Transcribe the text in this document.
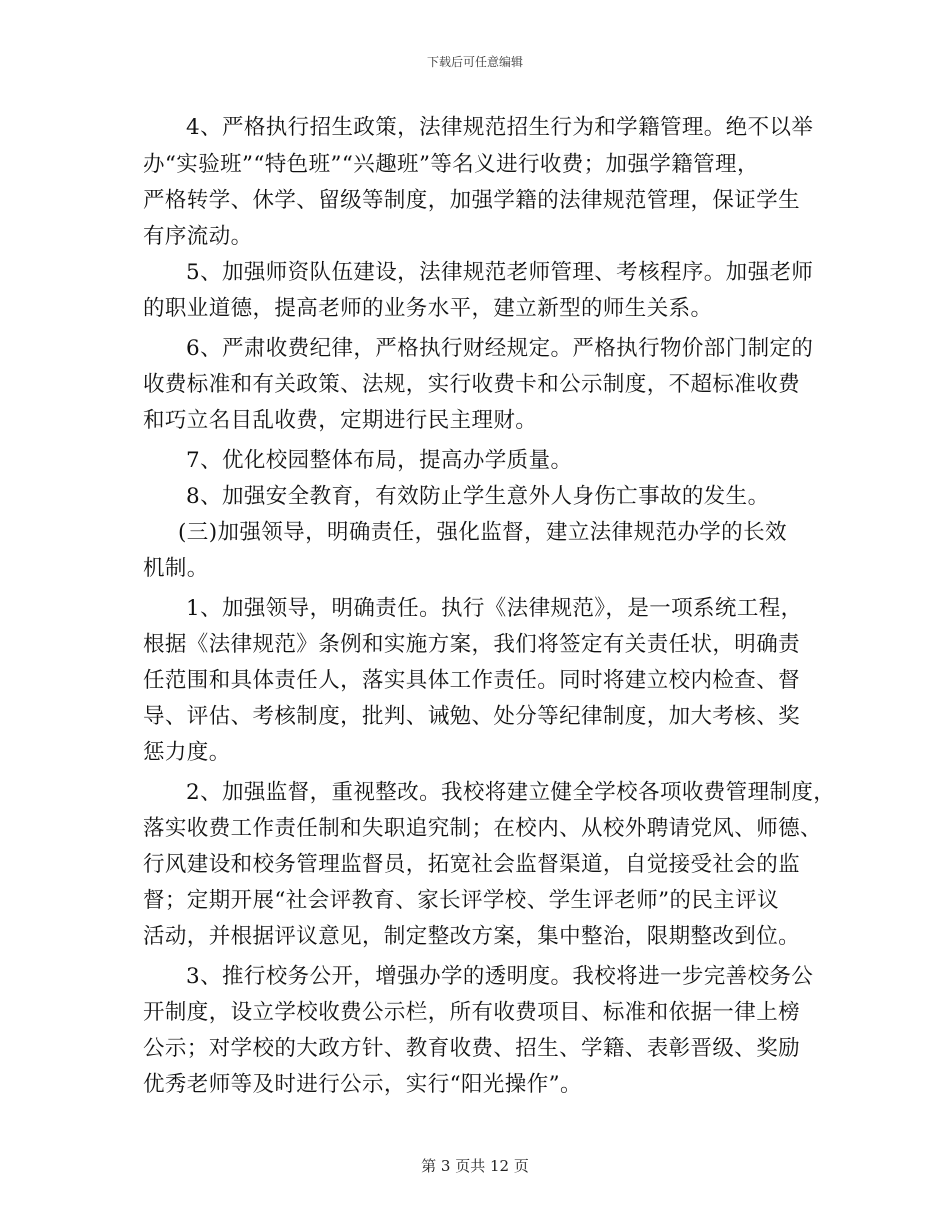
下载后可任意编辑
4、严格执行招生政策，法律规范招生行为和学籍管理。绝不以举
办“实验班”“特色班”“兴趣班”等名义进行收费；加强学籍管理，
严格转学、休学、留级等制度，加强学籍的法律规范管理，保证学生
有序流动。
5、加强师资队伍建设，法律规范老师管理、考核程序。加强老师
的职业道德，提高老师的业务水平，建立新型的师生关系。
6、严肃收费纪律，严格执行财经规定。严格执行物价部门制定的
收费标准和有关政策、法规，实行收费卡和公示制度，不超标准收费
和巧立名目乱收费，定期进行民主理财。
7、优化校园整体布局，提高办学质量。
8、加强安全教育，有效防止学生意外人身伤亡事故的发生。
(三)加强领导，明确责任，强化监督，建立法律规范办学的长效
机制。
1、加强领导，明确责任。执行《法律规范》，是一项系统工程，
根据《法律规范》条例和实施方案，我们将签定有关责任状，明确责
任范围和具体责任人，落实具体工作责任。同时将建立校内检查、督
导、评估、考核制度，批判、诫勉、处分等纪律制度，加大考核、奖
惩力度。
2、加强监督，重视整改。我校将建立健全学校各项收费管理制度，
落实收费工作责任制和失职追究制；在校内、从校外聘请党风、师德、
行风建设和校务管理监督员，拓宽社会监督渠道，自觉接受社会的监
督；定期开展“社会评教育、家长评学校、学生评老师”的民主评议
活动，并根据评议意见，制定整改方案，集中整治，限期整改到位。
3、推行校务公开，增强办学的透明度。我校将进一步完善校务公
开制度，设立学校收费公示栏，所有收费项目、标准和依据一律上榜
公示；对学校的大政方针、教育收费、招生、学籍、表彰晋级、奖励
优秀老师等及时进行公示，实行“阳光操作”。
第 3 页共 12 页
